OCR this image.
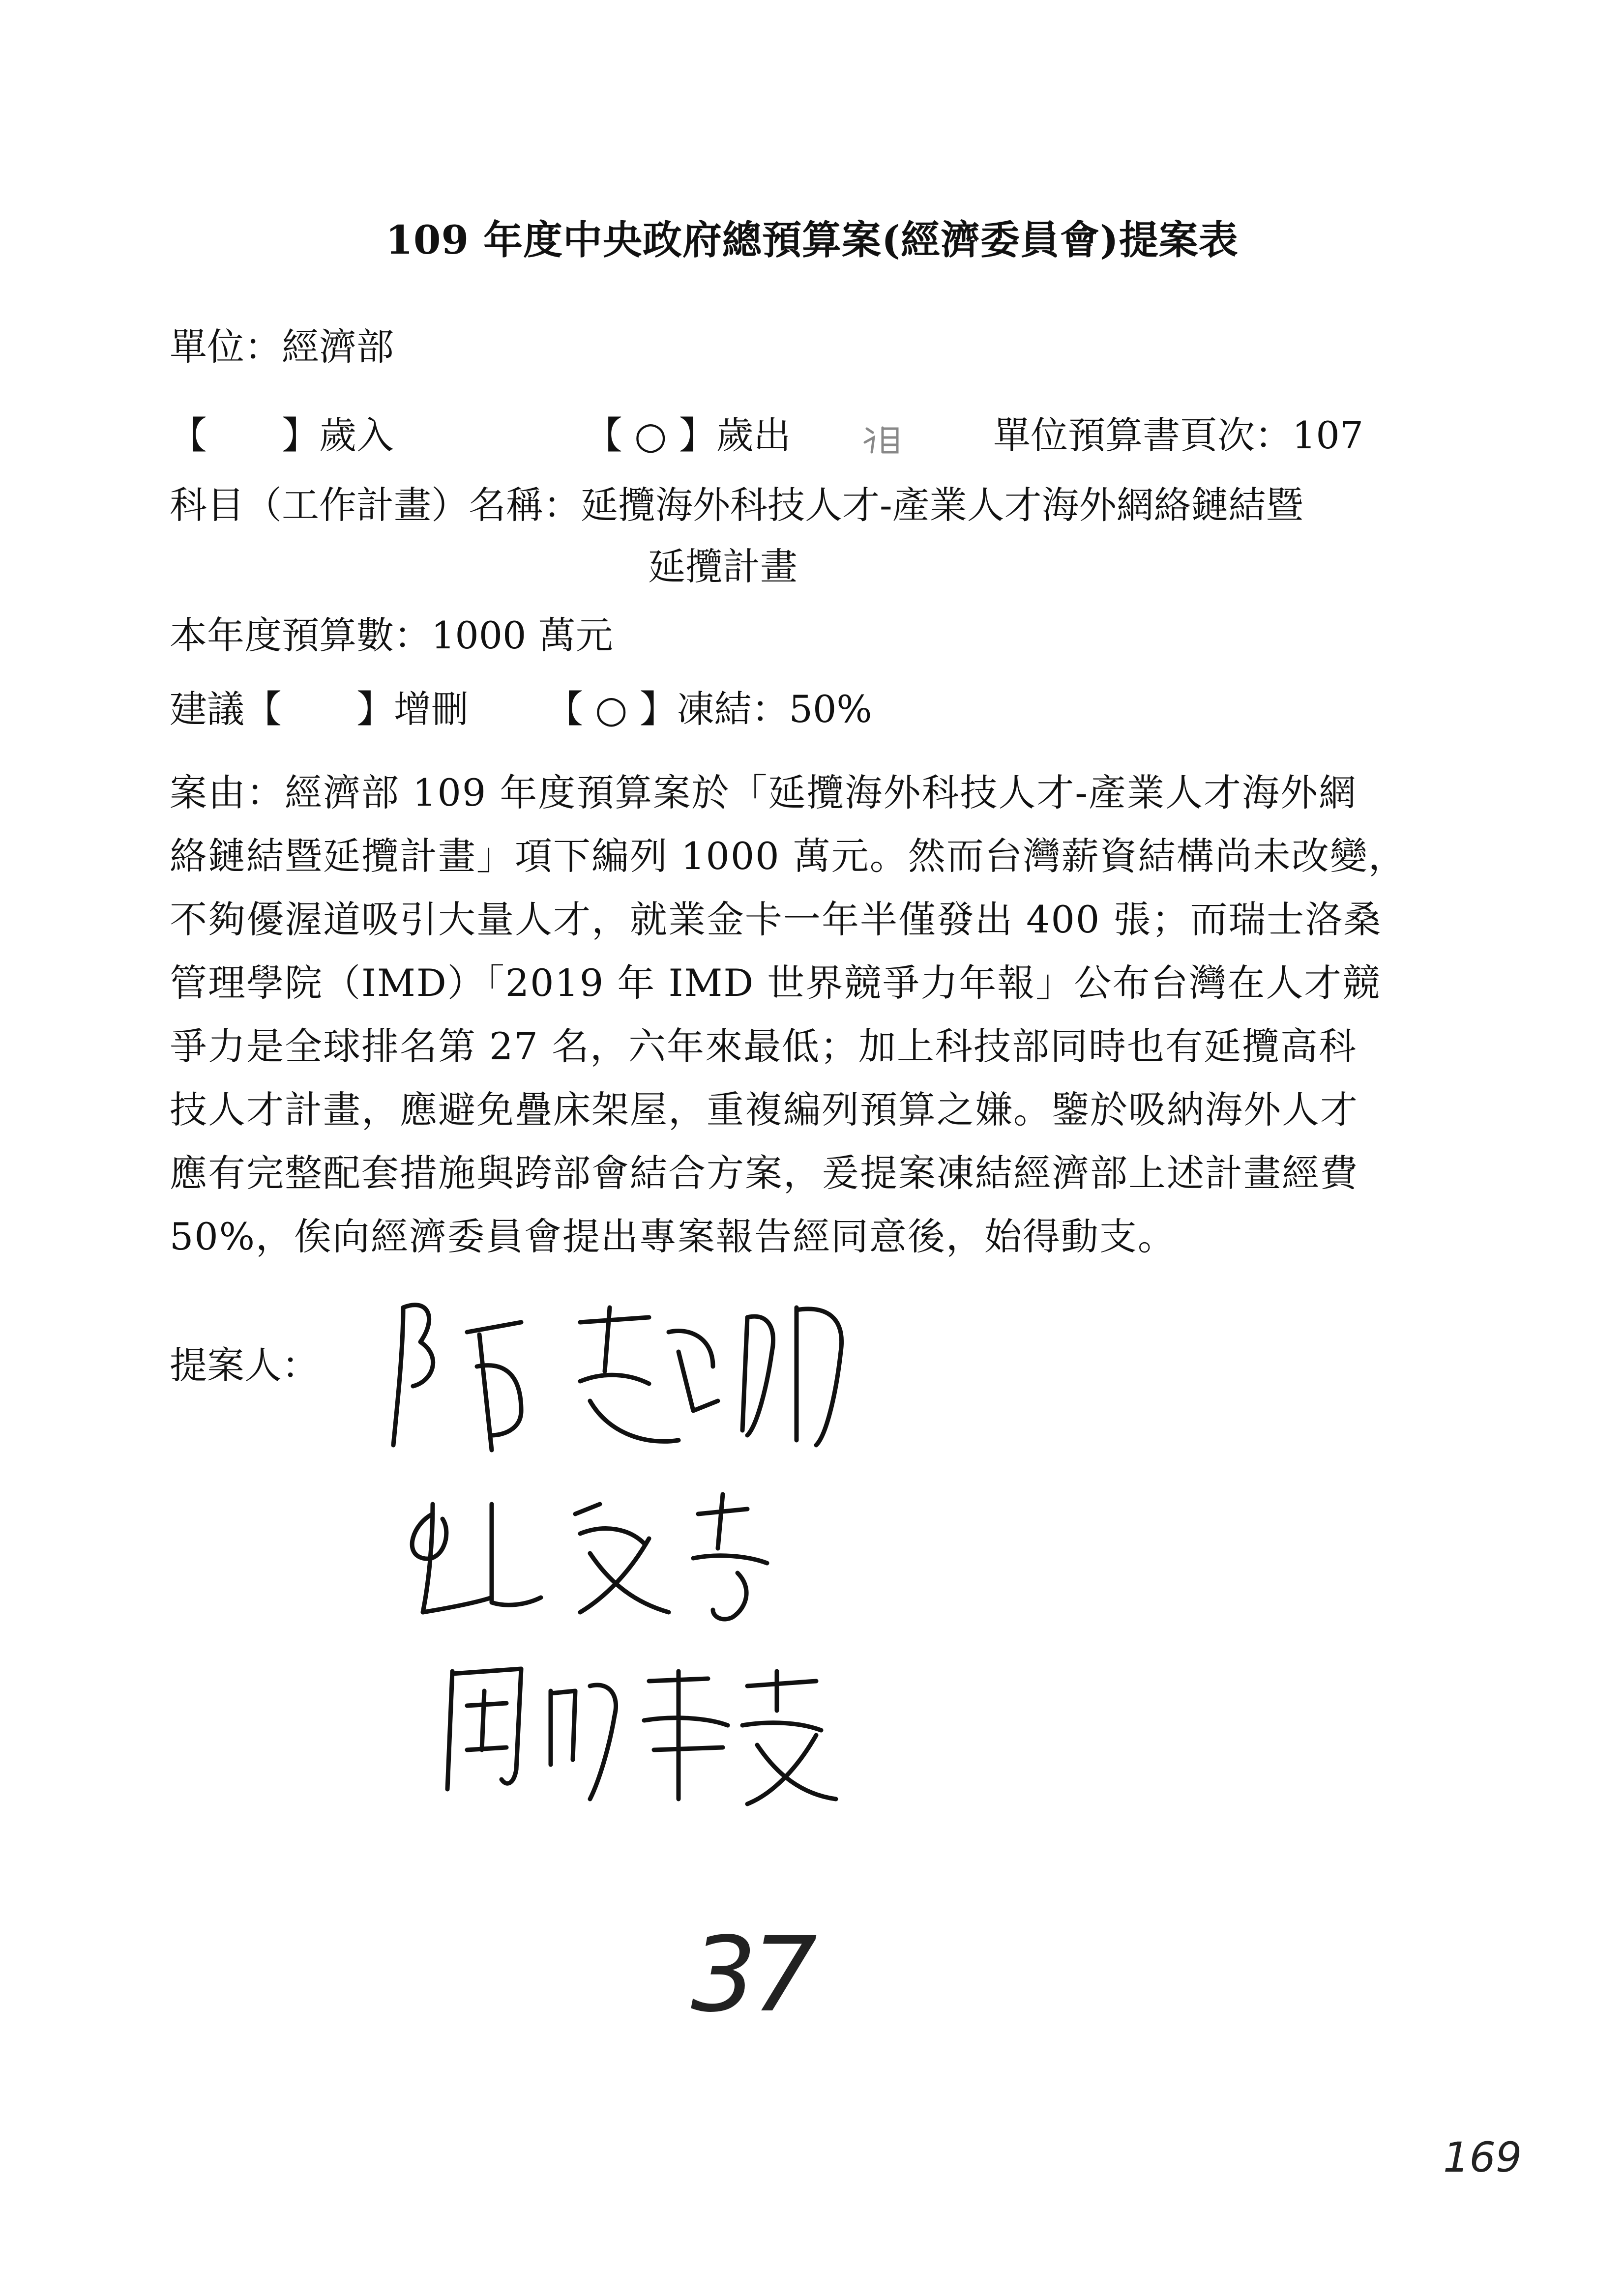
109 年度中央政府總預算案(經濟委員會)提案表
單位：經濟部
【　　】歲入	【 ○ 】歲出	單位預算書頁次：107
科目（工作計畫）名稱：延攬海外科技人才-產業人才海外網絡鏈結暨
延攬計畫
本年度預算數：1000 萬元
建議【　　】增刪 【 ○ 】凍結：50%
案由：經濟部 109 年度預算案於「延攬海外科技人才-產業人才海外網
絡鏈結暨延攬計畫」項下編列 1000 萬元。然而台灣薪資結構尚未改變，
不夠優渥道吸引大量人才，就業金卡一年半僅發出 400 張；而瑞士洛桑
管理學院（IMD）「2019 年 IMD 世界競爭力年報」公布台灣在人才競
爭力是全球排名第 27 名，六年來最低；加上科技部同時也有延攬高科
技人才計畫，應避免疊床架屋，重複編列預算之嫌。鑒於吸納海外人才
應有完整配套措施與跨部會結合方案，爰提案凍結經濟部上述計畫經費
50%，俟向經濟委員會提出專案報告經同意後，始得動支。
提案人：
37
169
